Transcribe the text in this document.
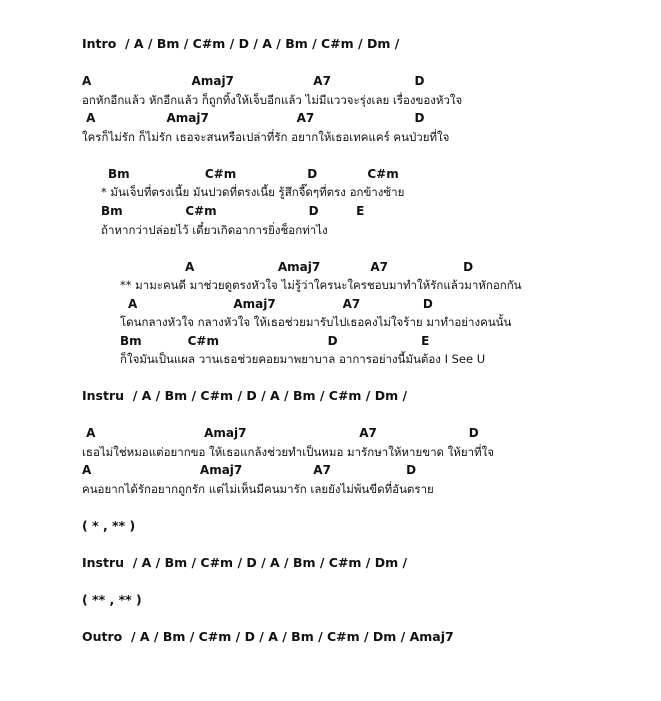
Intro  / A / Bm / C#m / D / A / Bm / C#m / Dm /

A                        Amaj7                   A7                    D

อกหักอีกแล้ว หักอีกแล้ว ก็ถูกทิ้งให้เจ็บอีกแล้ว ไม่มีแววจะรุ่งเลย เรื่องของหัวใจ

A                 Amaj7                     A7                        D

ใครก็ไม่รัก ก็ไม่รัก เธอจะสนหรือเปล่าที่รัก อยากให้เธอเทคแคร์ คนป่วยที่ใจ

Bm                  C#m                 D            C#m

* มันเจ็บที่ตรงเนี้ย มันปวดที่ตรงเนี้ย รู้สึกจี๊ดๆที่ตรง อกข้างซ้าย

Bm               C#m                      D         E

ถ้าหากว่าปล่อยไว้ เดี๋ยวเกิดอาการยิ่งช็อกท่าไง

A                    Amaj7            A7                  D

** มามะคนดี มาช่วยดูตรงหัวใจ ไม่รู้ว่าใครนะใครชอบมาทำให้รักแล้วมาหักอกกัน

A                       Amaj7                A7               D

โดนกลางหัวใจ กลางหัวใจ ให้เธอช่วยมารับไปเธอคงไม่ใจร้าย มาทำอย่างคนนั้น

Bm           C#m                          D                    E

ก็ใจมันเป็นแผล วานเธอช่วยคอยมาพยาบาล อาการอย่างนี้มันต้อง I See U

Instru  / A / Bm / C#m / D / A / Bm / C#m / Dm /

A                          Amaj7                           A7                      D

เธอไม่ใช่หมอแต่อยากขอ ให้เธอแกล้งช่วยทำเป็นหมอ มารักษาให้หายขาด ให้ยาที่ใจ

A                          Amaj7                 A7                  D

คนอยากได้รักอยากถูกรัก แต่ไม่เห็นมีคนมารัก เลยยังไม่พ้นขีดที่อันตราย

( * , ** )

Instru  / A / Bm / C#m / D / A / Bm / C#m / Dm /

( ** , ** )

Outro  / A / Bm / C#m / D / A / Bm / C#m / Dm / Amaj7
